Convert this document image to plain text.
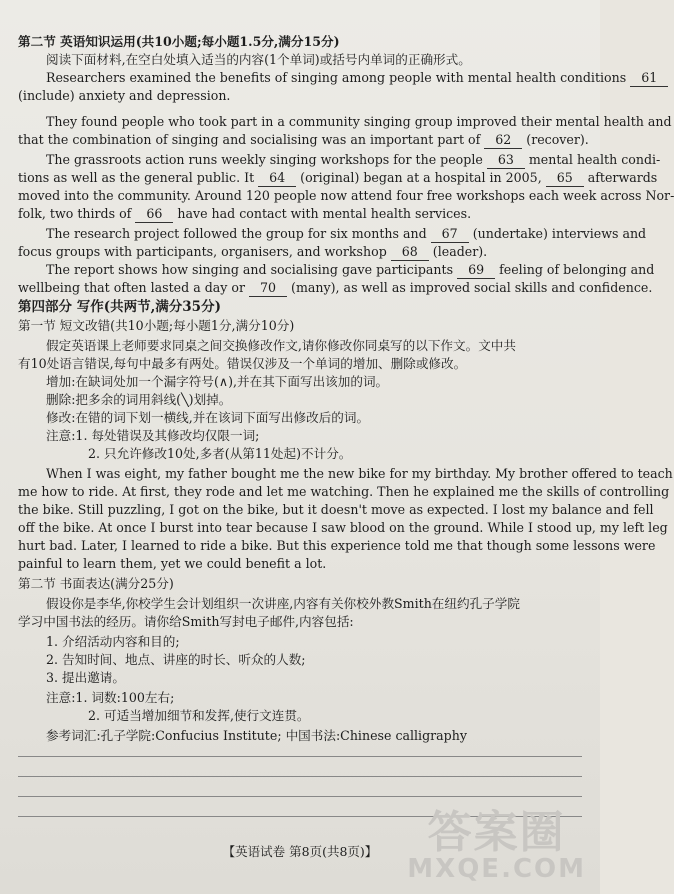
第二节 英语知识运用(共10小题;每小题1.5分,满分15分)
阅读下面材料,在空白处填入适当的内容(1个单词)或括号内单词的正确形式。
Researchers examined the benefits of singing among people with mental health conditions 61
(include) anxiety and depression.
They found people who took part in a community singing group improved their mental health and
that the combination of singing and socialising was an important part of 62 (recover).
The grassroots action runs weekly singing workshops for the people 63 mental health condi-
tions as well as the general public. It 64 (original) began at a hospital in 2005, 65 afterwards
moved into the community. Around 120 people now attend four free workshops each week across Nor-
folk, two thirds of 66 have had contact with mental health services.
The research project followed the group for six months and 67 (undertake) interviews and
focus groups with participants, organisers, and workshop 68 (leader).
The report shows how singing and socialising gave participants 69 feeling of belonging and
wellbeing that often lasted a day or 70 (many), as well as improved social skills and confidence.
第四部分 写作(共两节,满分35分)
第一节 短文改错(共10小题;每小题1分,满分10分)
假定英语课上老师要求同桌之间交换修改作文,请你修改你同桌写的以下作文。文中共
有10处语言错误,每句中最多有两处。错误仅涉及一个单词的增加、删除或修改。
增加:在缺词处加一个漏字符号(∧),并在其下面写出该加的词。
删除:把多余的词用斜线(╲)划掉。
修改:在错的词下划一横线,并在该词下面写出修改后的词。
注意:1. 每处错误及其修改均仅限一词;
2. 只允许修改10处,多者(从第11处起)不计分。
When I was eight, my father bought me the new bike for my birthday. My brother offered to teach
me how to ride. At first, they rode and let me watching. Then he explained me the skills of controlling
the bike. Still puzzling, I got on the bike, but it doesn't move as expected. I lost my balance and fell
off the bike. At once I burst into tear because I saw blood on the ground. While I stood up, my left leg
hurt bad. Later, I learned to ride a bike. But this experience told me that though some lessons were
painful to learn them, yet we could benefit a lot.
第二节 书面表达(满分25分)
假设你是李华,你校学生会计划组织一次讲座,内容有关你校外教Smith在纽约孔子学院
学习中国书法的经历。请你给Smith写封电子邮件,内容包括:
1. 介绍活动内容和目的;
2. 告知时间、地点、讲座的时长、听众的人数;
3. 提出邀请。
注意:1. 词数:100左右;
2. 可适当增加细节和发挥,使行文连贯。
参考词汇:孔子学院:Confucius Institute; 中国书法:Chinese calligraphy
【英语试卷 第8页(共8页)】	答案圈
MXQE.COM
